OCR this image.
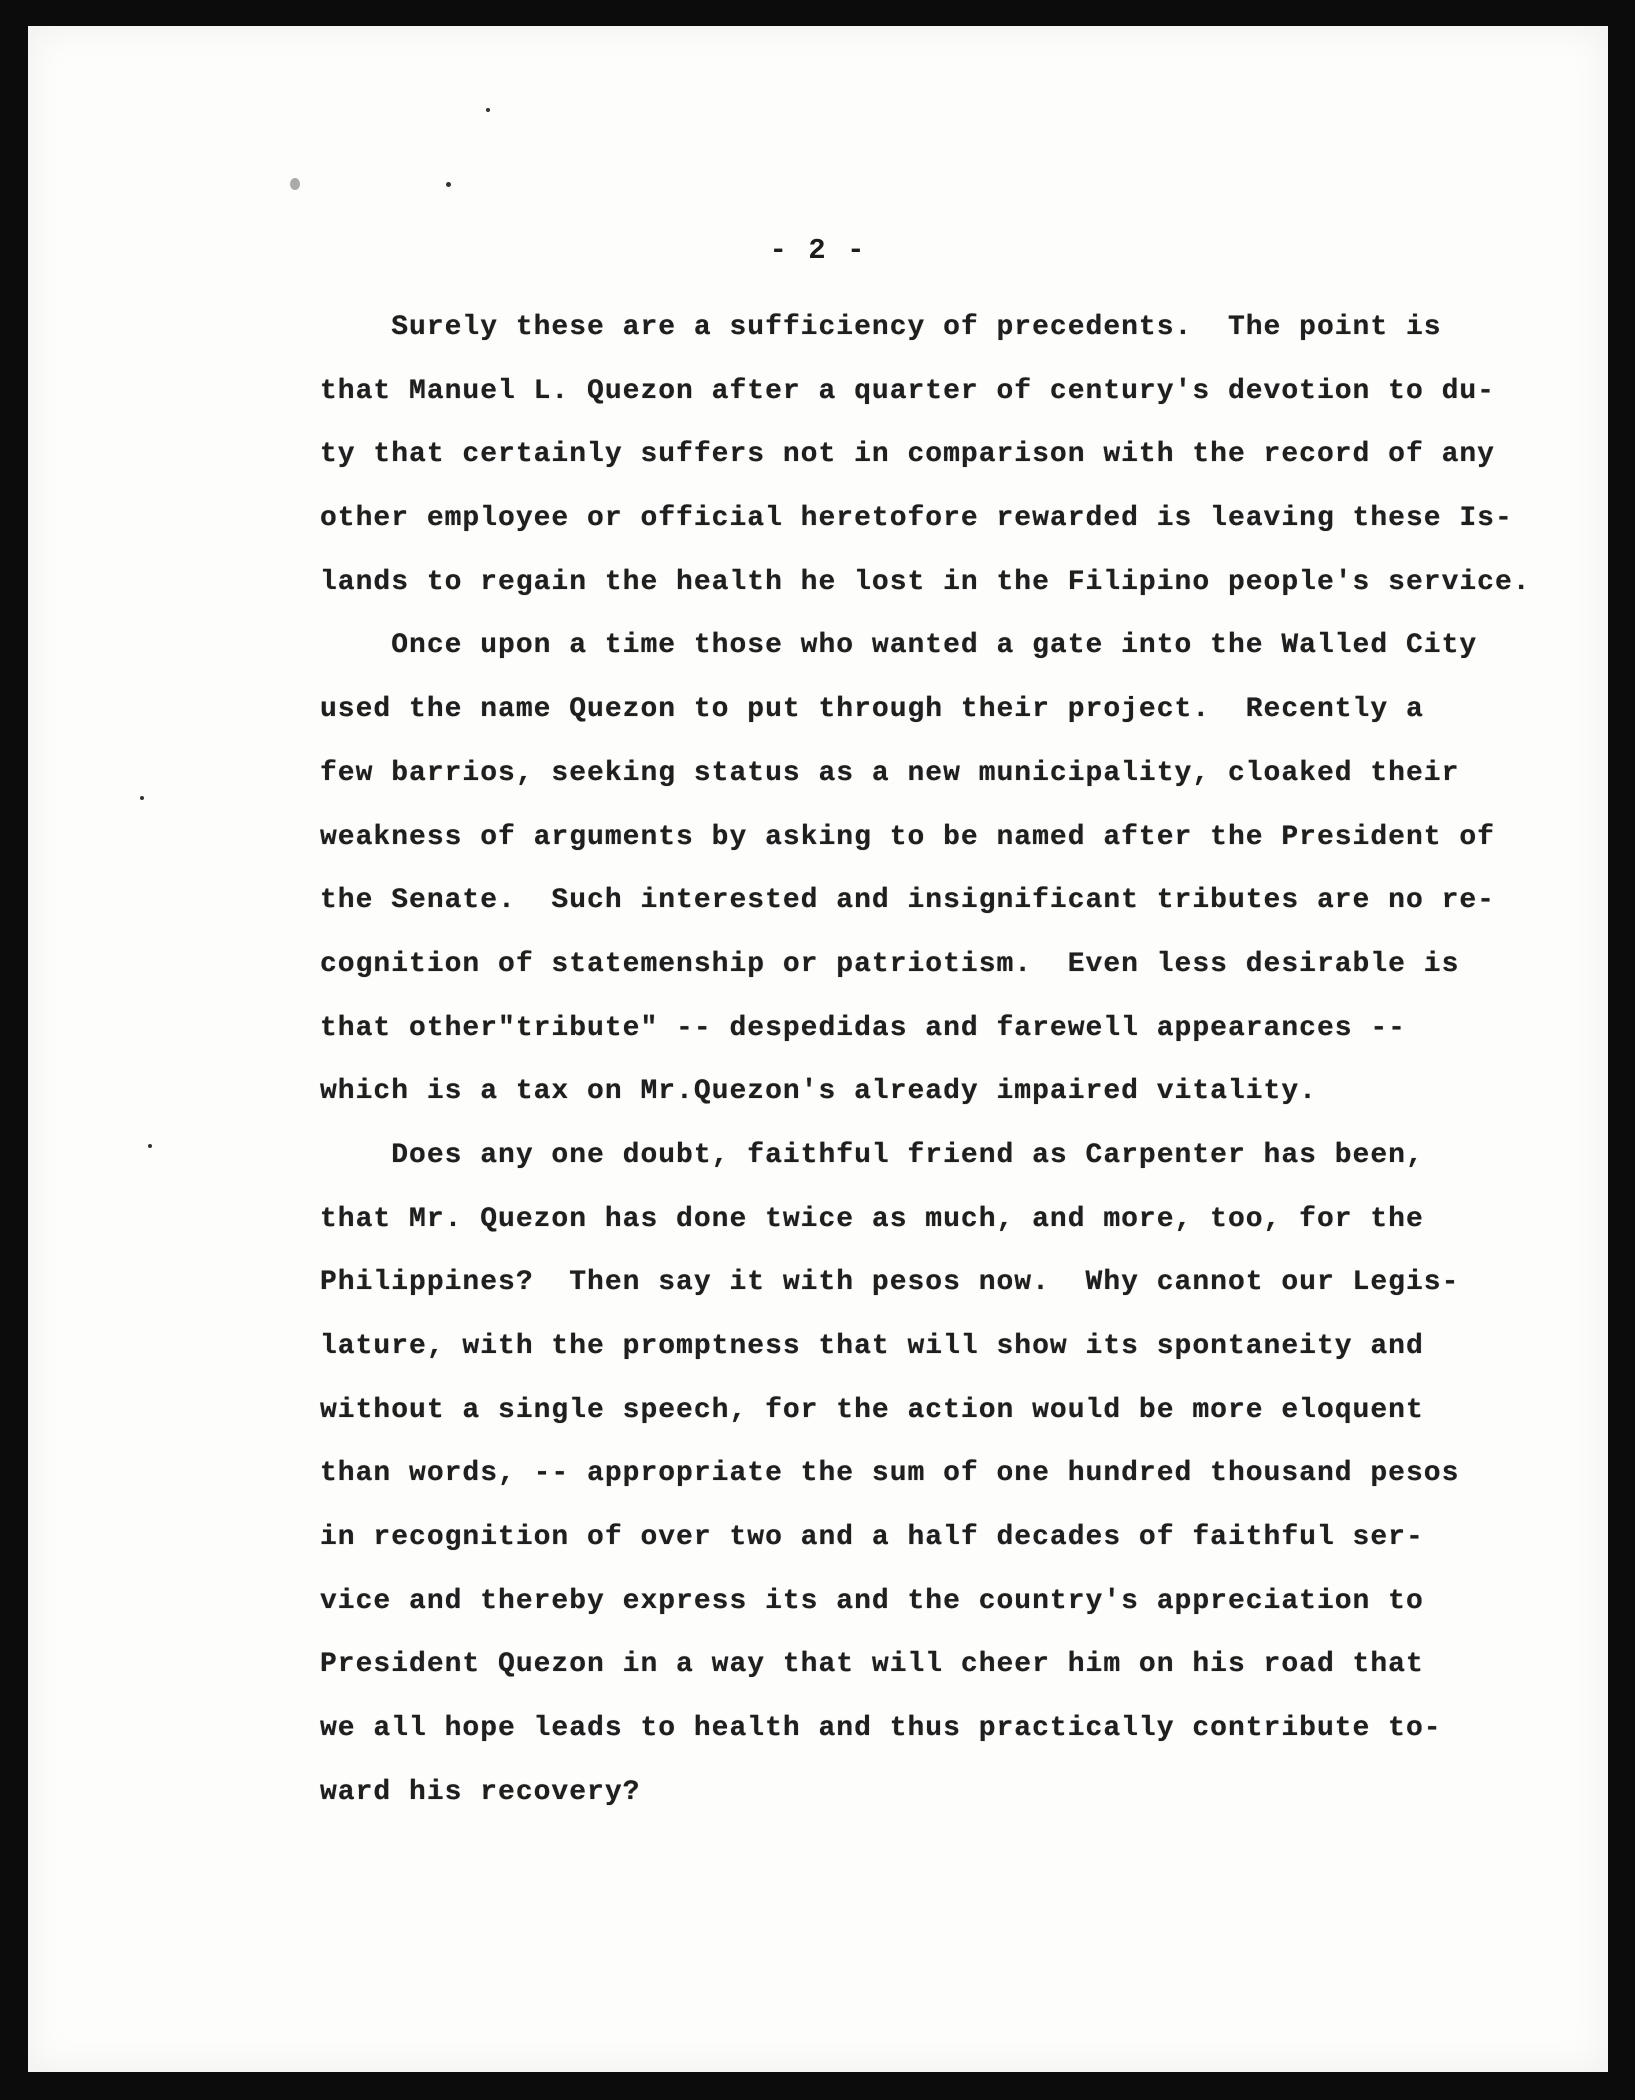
- 2 -
Surely these are a sufficiency of precedents.  The point is
that Manuel L. Quezon after a quarter of century's devotion to du-
ty that certainly suffers not in comparison with the record of any
other employee or official heretofore rewarded is leaving these Is-
lands to regain the health he lost in the Filipino people's service.
Once upon a time those who wanted a gate into the Walled City
used the name Quezon to put through their project.  Recently a
few barrios, seeking status as a new municipality, cloaked their
weakness of arguments by asking to be named after the President of
the Senate.  Such interested and insignificant tributes are no re-
cognition of statemenship or patriotism.  Even less desirable is
that other"tribute" -- despedidas and farewell appearances --
which is a tax on Mr.Quezon's already impaired vitality.
Does any one doubt, faithful friend as Carpenter has been,
that Mr. Quezon has done twice as much, and more, too, for the
Philippines?  Then say it with pesos now.  Why cannot our Legis-
lature, with the promptness that will show its spontaneity and
without a single speech, for the action would be more eloquent
than words, -- appropriate the sum of one hundred thousand pesos
in recognition of over two and a half decades of faithful ser-
vice and thereby express its and the country's appreciation to
President Quezon in a way that will cheer him on his road that
we all hope leads to health and thus practically contribute to-
ward his recovery?
